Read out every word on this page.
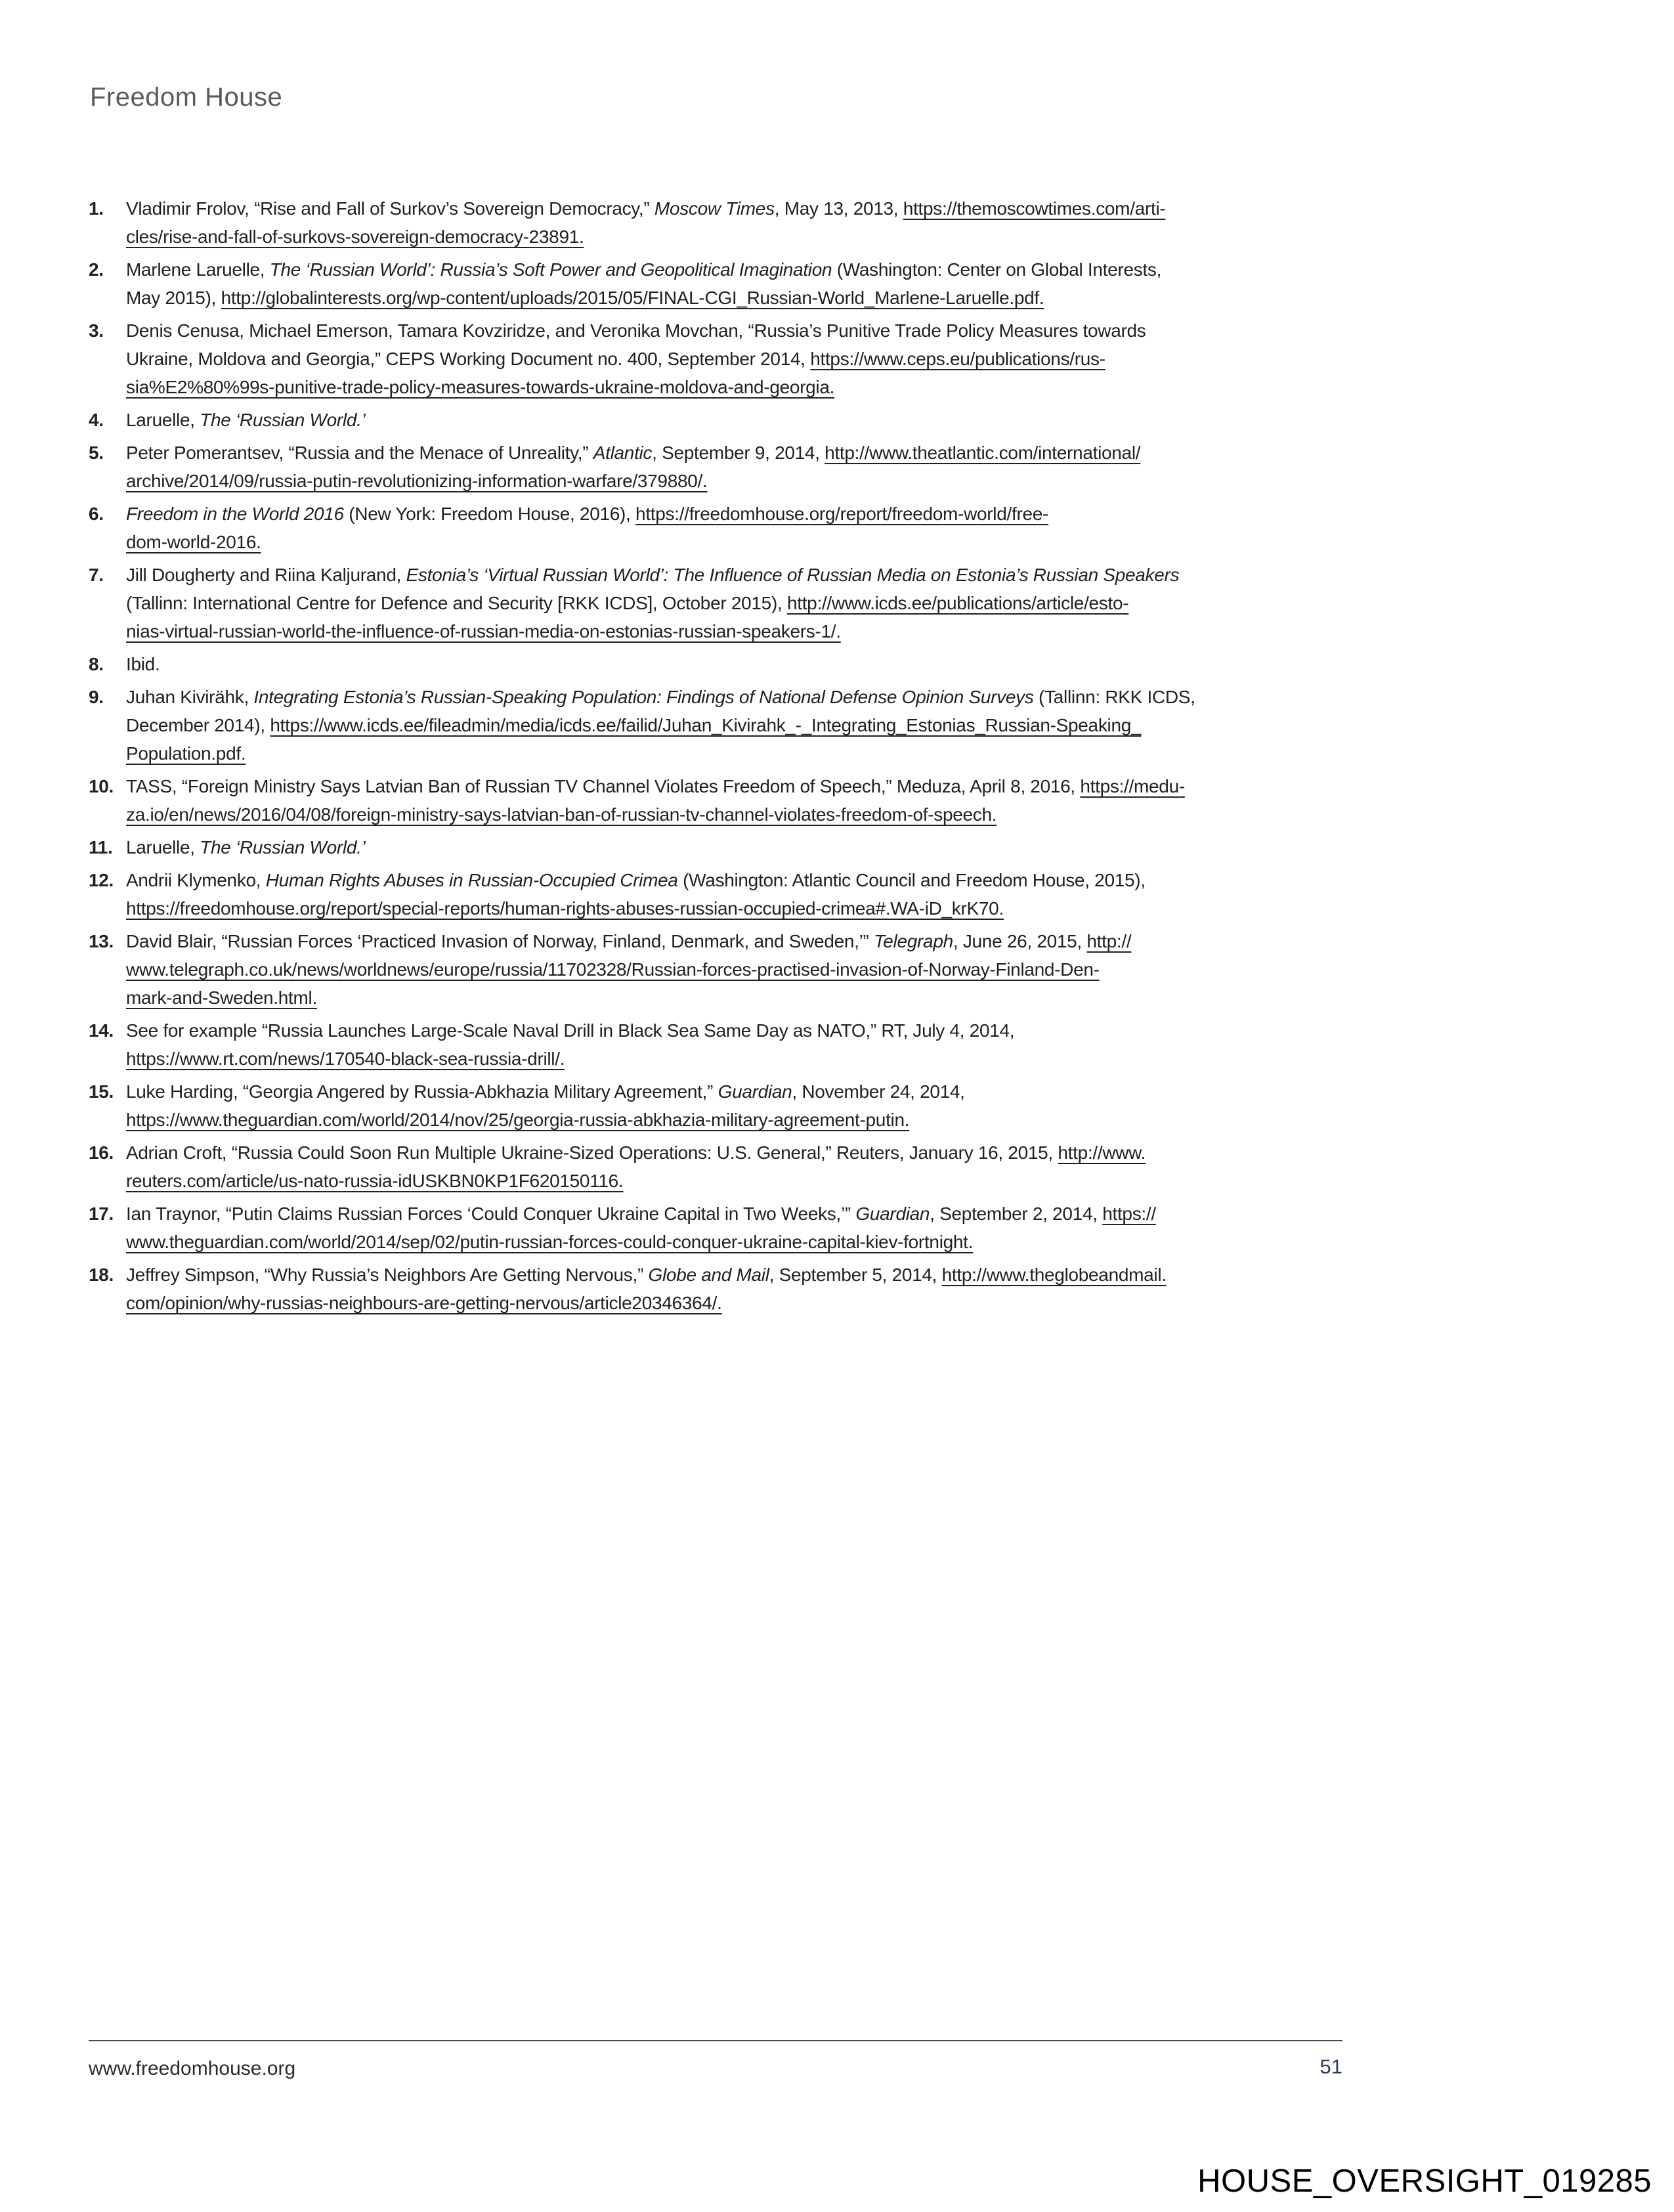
Freedom House
1.	Vladimir Frolov, “Rise and Fall of Surkov’s Sovereign Democracy,” Moscow Times, May 13, 2013, https://themoscowtimes.com/arti-
cles/rise-and-fall-of-surkovs-sovereign-democracy-23891.
2.	Marlene Laruelle, The ‘Russian World’: Russia’s Soft Power and Geopolitical Imagination (Washington: Center on Global Interests,
May 2015), http://globalinterests.org/wp-content/uploads/2015/05/FINAL-CGI_Russian-World_Marlene-Laruelle.pdf.
3.	Denis Cenusa, Michael Emerson, Tamara Kovziridze, and Veronika Movchan, “Russia’s Punitive Trade Policy Measures towards
Ukraine, Moldova and Georgia,” CEPS Working Document no. 400, September 2014, https://www.ceps.eu/publications/rus-
sia%E2%80%99s-punitive-trade-policy-measures-towards-ukraine-moldova-and-georgia.
4.	Laruelle, The ‘Russian World.’
5.	Peter Pomerantsev, “Russia and the Menace of Unreality,” Atlantic, September 9, 2014, http://www.theatlantic.com/international/
archive/2014/09/russia-putin-revolutionizing-information-warfare/379880/.
6.	Freedom in the World 2016 (New York: Freedom House, 2016), https://freedomhouse.org/report/freedom-world/free-
dom-world-2016.
7.	Jill Dougherty and Riina Kaljurand, Estonia’s ‘Virtual Russian World’: The Influence of Russian Media on Estonia’s Russian Speakers
(Tallinn: International Centre for Defence and Security [RKK ICDS], October 2015), http://www.icds.ee/publications/article/esto-
nias-virtual-russian-world-the-influence-of-russian-media-on-estonias-russian-speakers-1/.
8.	Ibid.
9.	Juhan Kivirähk, Integrating Estonia’s Russian-Speaking Population: Findings of National Defense Opinion Surveys (Tallinn: RKK ICDS,
December 2014), https://www.icds.ee/fileadmin/media/icds.ee/failid/Juhan_Kivirahk_-_Integrating_Estonias_Russian-Speaking_
Population.pdf.
10. TASS, “Foreign Ministry Says Latvian Ban of Russian TV Channel Violates Freedom of Speech,” Meduza, April 8, 2016, https://medu-
za.io/en/news/2016/04/08/foreign-ministry-says-latvian-ban-of-russian-tv-channel-violates-freedom-of-speech.
11. Laruelle, The ‘Russian World.’
12. Andrii Klymenko, Human Rights Abuses in Russian-Occupied Crimea (Washington: Atlantic Council and Freedom House, 2015),
https://freedomhouse.org/report/special-reports/human-rights-abuses-russian-occupied-crimea#.WA-iD_krK70.
13. David Blair, “Russian Forces ‘Practiced Invasion of Norway, Finland, Denmark, and Sweden,’” Telegraph, June 26, 2015, http://
www.telegraph.co.uk/news/worldnews/europe/russia/11702328/Russian-forces-practised-invasion-of-Norway-Finland-Den-
mark-and-Sweden.html.
14. See for example “Russia Launches Large-Scale Naval Drill in Black Sea Same Day as NATO,” RT, July 4, 2014,
https://www.rt.com/news/170540-black-sea-russia-drill/.
15. Luke Harding, “Georgia Angered by Russia-Abkhazia Military Agreement,” Guardian, November 24, 2014,
https://www.theguardian.com/world/2014/nov/25/georgia-russia-abkhazia-military-agreement-putin.
16. Adrian Croft, “Russia Could Soon Run Multiple Ukraine-Sized Operations: U.S. General,” Reuters, January 16, 2015, http://www.
reuters.com/article/us-nato-russia-idUSKBN0KP1F620150116.
17. Ian Traynor, “Putin Claims Russian Forces ‘Could Conquer Ukraine Capital in Two Weeks,’” Guardian, September 2, 2014, https://
www.theguardian.com/world/2014/sep/02/putin-russian-forces-could-conquer-ukraine-capital-kiev-fortnight.
18. Jeffrey Simpson, “Why Russia’s Neighbors Are Getting Nervous,” Globe and Mail, September 5, 2014, http://www.theglobeandmail.
com/opinion/why-russias-neighbours-are-getting-nervous/article20346364/.
www.freedomhouse.org	51
HOUSE_OVERSIGHT_019285
